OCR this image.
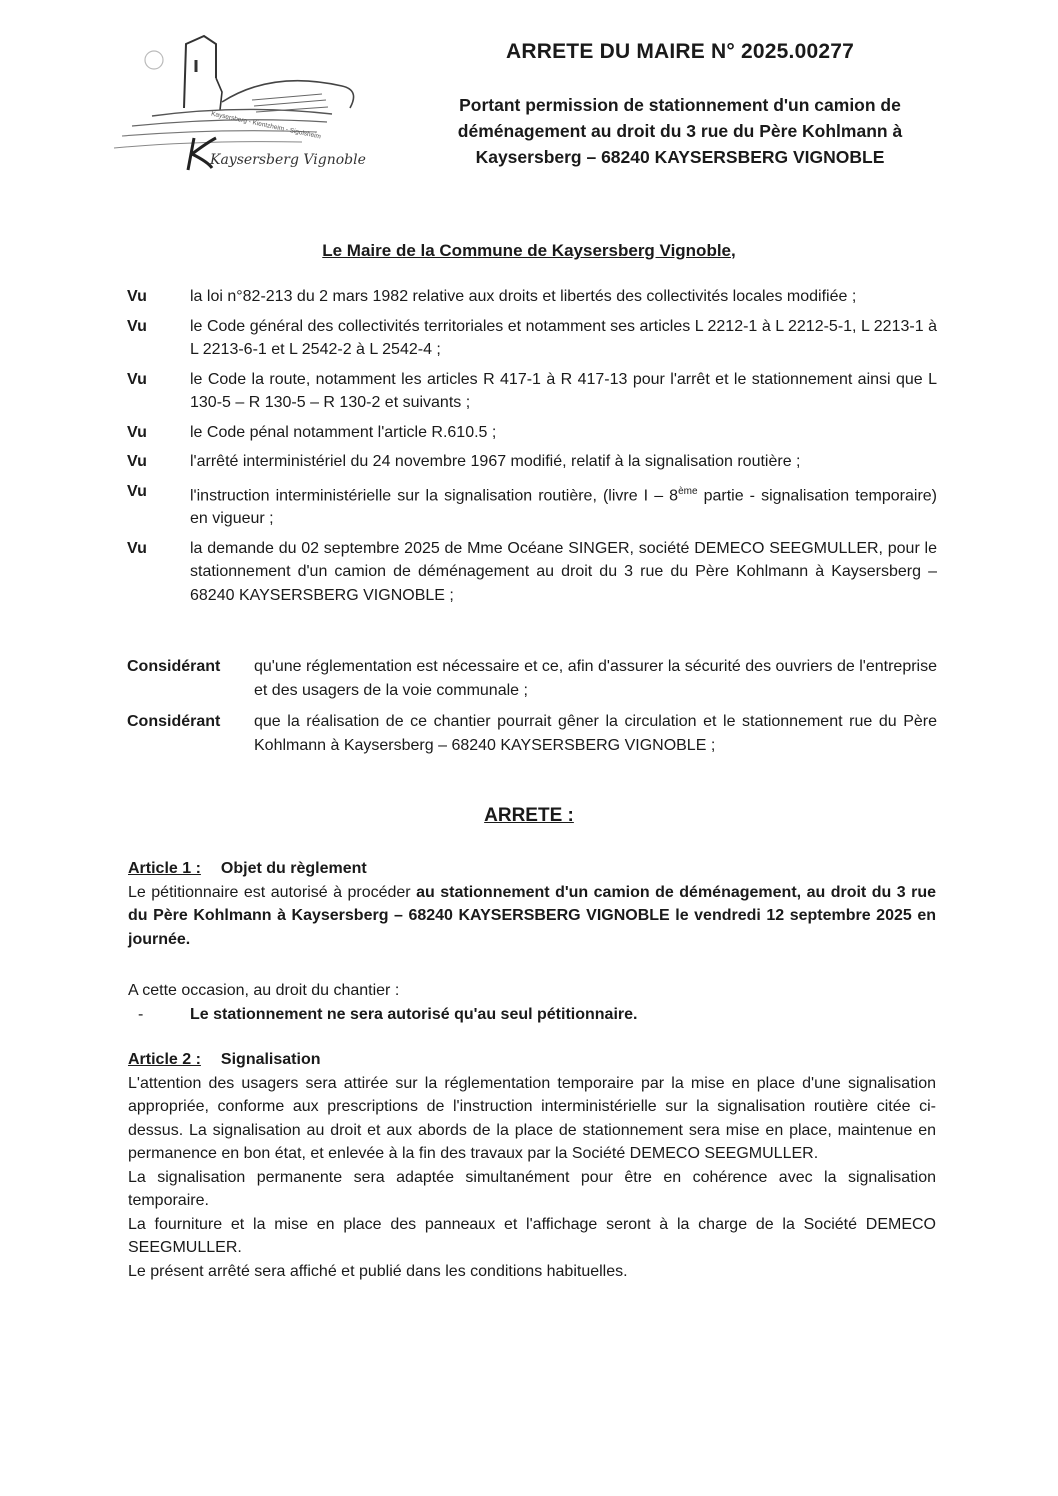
Kaysersberg - Kientzheim - Sigolsheim
Kaysersberg Vignoble
ARRETE DU MAIRE N° 2025.00277
Portant permission de stationnement d'un camion de
déménagement au droit du 3 rue du Père Kohlmann à
Kaysersberg – 68240 KAYSERSBERG VIGNOBLE
Le Maire de la Commune de Kaysersberg Vignoble,
Vu	la loi n°82-213 du 2 mars 1982 relative aux droits et libertés des collectivités locales modifiée ;
Vu	le Code général des collectivités territoriales et notamment ses articles L 2212-1 à L 2212-5-1, L 2213-1 à L 2213-6-1 et L 2542-2 à L 2542-4 ;
Vu	le Code la route, notamment les articles R 417-1 à R 417-13 pour l'arrêt et le stationnement ainsi que L 130-5 – R 130-5 – R 130-2 et suivants ;
Vu	le Code pénal notamment l'article R.610.5 ;
Vu	l'arrêté interministériel du 24 novembre 1967 modifié, relatif à la signalisation routière ;
Vu	l'instruction interministérielle sur la signalisation routière, (livre I – 8ème partie - signalisation temporaire) en vigueur ;
Vu	la demande du 02 septembre 2025 de Mme Océane SINGER, société DEMECO SEEGMULLER, pour le stationnement d'un camion de déménagement au droit du 3 rue du Père Kohlmann à Kaysersberg – 68240 KAYSERSBERG VIGNOBLE ;
Considérant	qu'une réglementation est nécessaire et ce, afin d'assurer la sécurité des ouvriers de l'entreprise et des usagers de la voie communale ;
Considérant	que la réalisation de ce chantier pourrait gêner la circulation et le stationnement rue du Père Kohlmann à Kaysersberg – 68240 KAYSERSBERG VIGNOBLE ;
ARRETE :
Article 1 : Objet du règlement
Le pétitionnaire est autorisé à procéder au stationnement d'un camion de déménagement, au droit du 3 rue du Père Kohlmann à Kaysersberg – 68240 KAYSERSBERG VIGNOBLE le vendredi 12 septembre 2025 en journée.
A cette occasion, au droit du chantier :
-	Le stationnement ne sera autorisé qu'au seul pétitionnaire.
Article 2 : Signalisation
L'attention des usagers sera attirée sur la réglementation temporaire par la mise en place d'une signalisation appropriée, conforme aux prescriptions de l'instruction interministérielle sur la signalisation routière citée ci-dessus. La signalisation au droit et aux abords de la place de stationnement sera mise en place, maintenue en permanence en bon état, et enlevée à la fin des travaux par la Société DEMECO SEEGMULLER.
La signalisation permanente sera adaptée simultanément pour être en cohérence avec la signalisation temporaire.
La fourniture et la mise en place des panneaux et l'affichage seront à la charge de la Société DEMECO SEEGMULLER.
Le présent arrêté sera affiché et publié dans les conditions habituelles.
